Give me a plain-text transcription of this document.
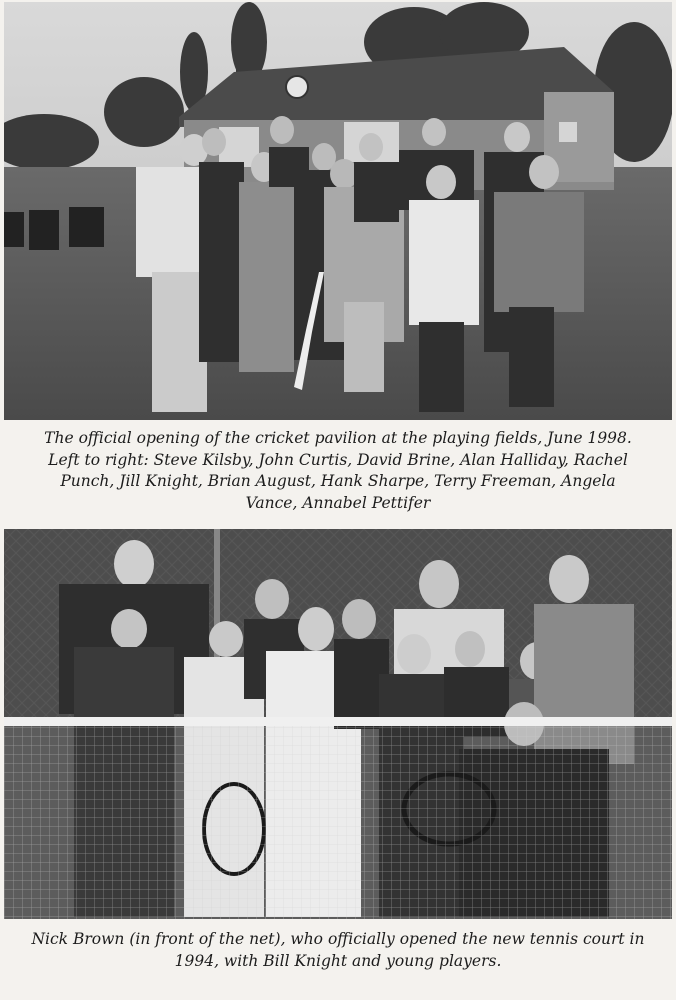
The official opening of the cricket pavilion at the playing fields, June 1998.
Left to right: Steve Kilsby, John Curtis, David Brine, Alan Halliday, Rachel
Punch, Jill Knight, Brian August, Hank Sharpe, Terry Freeman, Angela
Vance, Annabel Pettifer
Nick Brown (in front of the net), who officially opened the new tennis court in
1994, with Bill Knight and young players.
